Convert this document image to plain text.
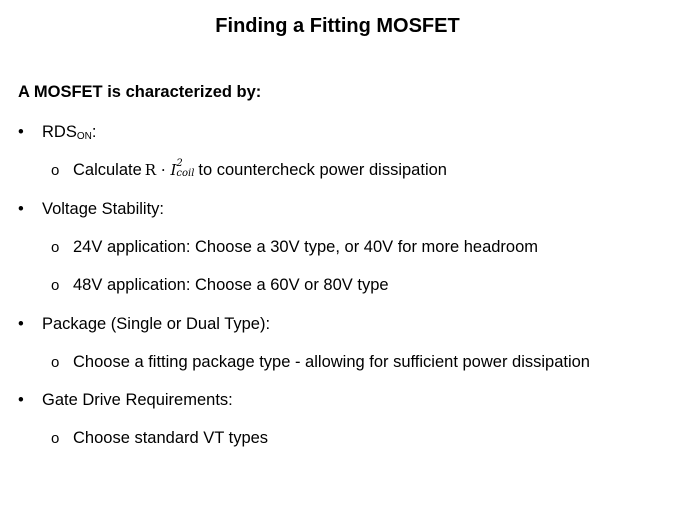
Finding a Fitting MOSFET
A MOSFET is characterized by:
• $RDS_{ON}$:
o Calculate R · I 2
coil to countercheck power dissipation
• Voltage Stability:
o 24V application: Choose a 30V type, or 40V for more headroom
o 48V application: Choose a 60V or 80V type
• Package (Single or Dual Type):
o Choose a fitting package type - allowing for sufficient power dissipation
• Gate Drive Requirements:
o Choose standard VT types
